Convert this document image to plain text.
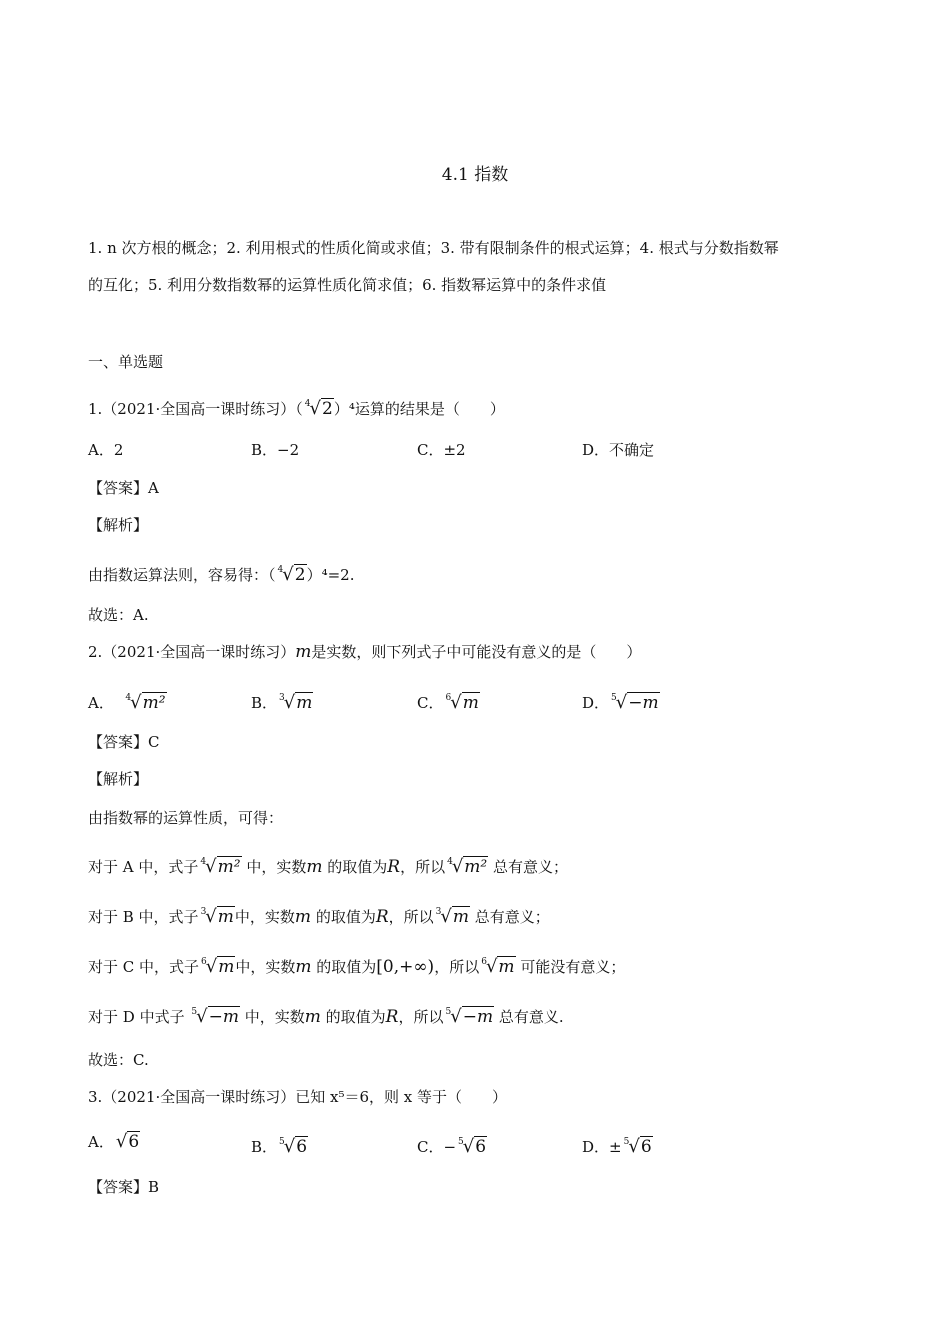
4.1 指数
1. n 次方根的概念；2. 利用根式的性质化简或求值；3. 带有限制条件的根式运算；4. 根式与分数指数幂
的互化；5. 利用分数指数幂的运算性质化简求值；6. 指数幂运算中的条件求值
一、单选题
1.（2021·全国高一课时练习）（ $^4$√2）⁴运算的结果是（　　）
A．2	B．−2	C．±2	D．不确定
【答案】A
【解析】
由指数运算法则，容易得：（ $^4$√2）⁴=2.
故选：A.
2.（2021·全国高一课时练习）m是实数，则下列式子中可能没有意义的是（　　）
A． $^4$√m²	B． $^3$√m	C． $^6$√m	D． $^5$√−m
【答案】C
【解析】
由指数幂的运算性质，可得：
对于 A 中，式子 $^4$√m² 中，实数m 的取值为R，所以 $^4$√m² 总有意义；
对于 B 中，式子 $^3$√m中，实数m 的取值为R，所以 $^3$√m 总有意义；
对于 C 中，式子 $^6$√m中，实数m 的取值为[0,+∞)，所以 $^6$√m 可能没有意义；
对于 D 中式子 $^5$√−m 中，实数m 的取值为R，所以 $^5$√−m 总有意义.
故选：C.
3.（2021·全国高一课时练习）已知 x⁵＝6，则 x 等于（　　）
A． √6	B． $^5$√6	C．− $^5$√6	D．± $^5$√6
【答案】B
